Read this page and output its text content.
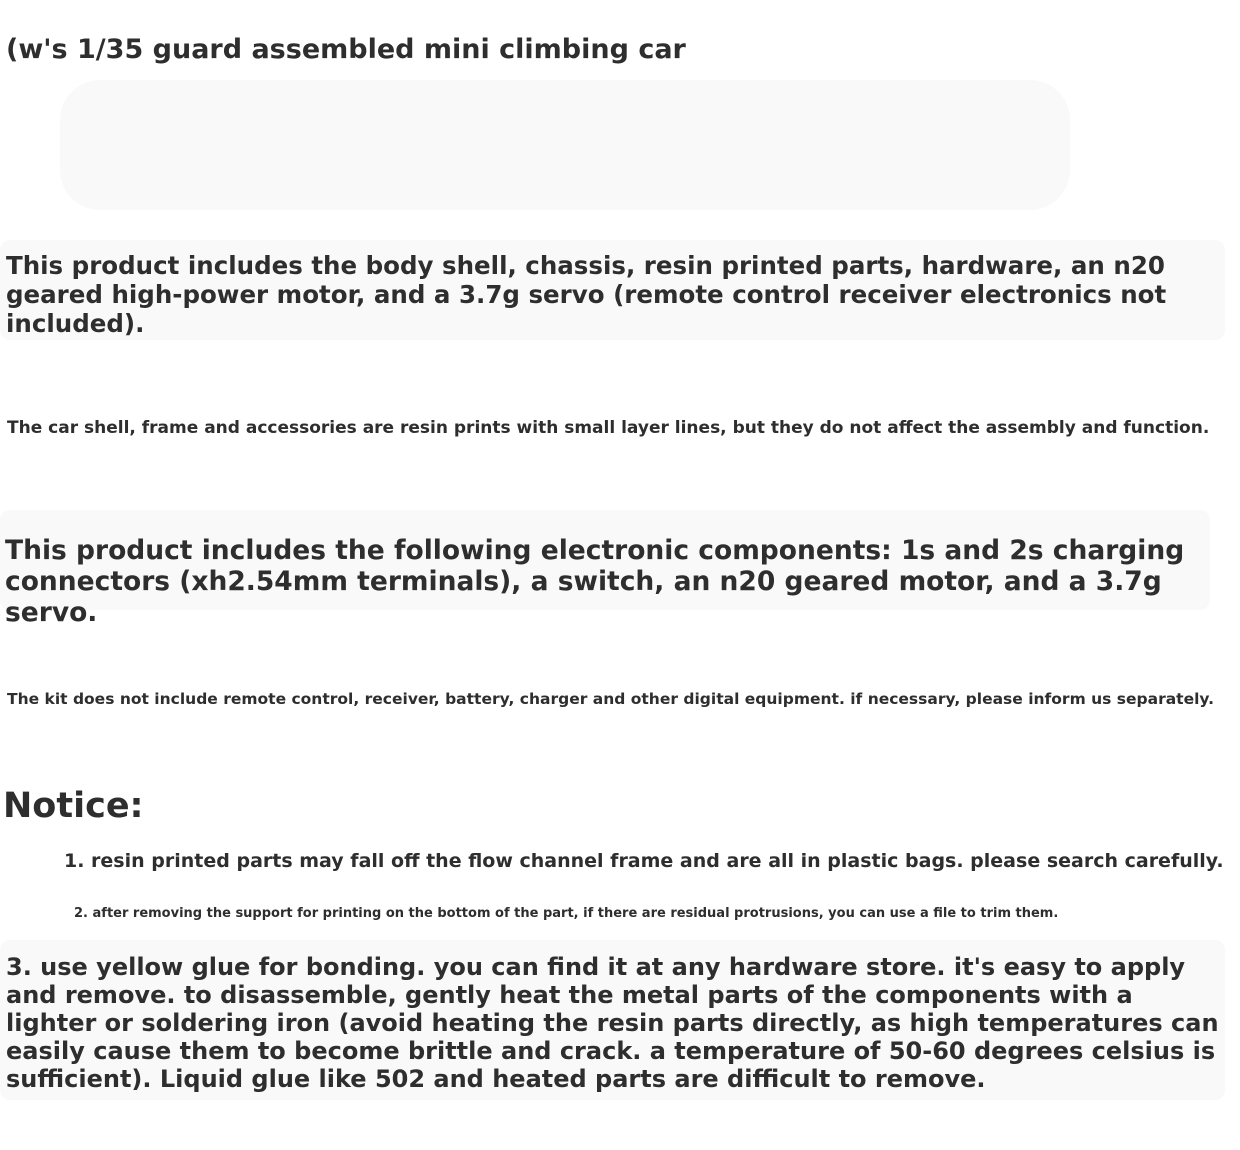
(w's 1/35 guard assembled mini climbing car

This product includes the body shell, chassis, resin printed parts, hardware, an n20 geared high-power motor, and a 3.7g servo (remote control receiver electronics not included).

The car shell, frame and accessories are resin prints with small layer lines, but they do not affect the assembly and function.

This product includes the following electronic components: 1s and 2s charging connectors (xh2.54mm terminals), a switch, an n20 geared motor, and a 3.7g servo.

The kit does not include remote control, receiver, battery, charger and other digital equipment. if necessary, please inform us separately.

Notice:

1. resin printed parts may fall off the flow channel frame and are all in plastic bags. please search carefully.

2. after removing the support for printing on the bottom of the part, if there are residual protrusions, you can use a file to trim them.

3. use yellow glue for bonding. you can find it at any hardware store. it's easy to apply and remove. to disassemble, gently heat the metal parts of the components with a lighter or soldering iron (avoid heating the resin parts directly, as high temperatures can easily cause them to become brittle and crack. a temperature of 50-60 degrees celsius is sufficient). Liquid glue like 502 and heated parts are difficult to remove.
